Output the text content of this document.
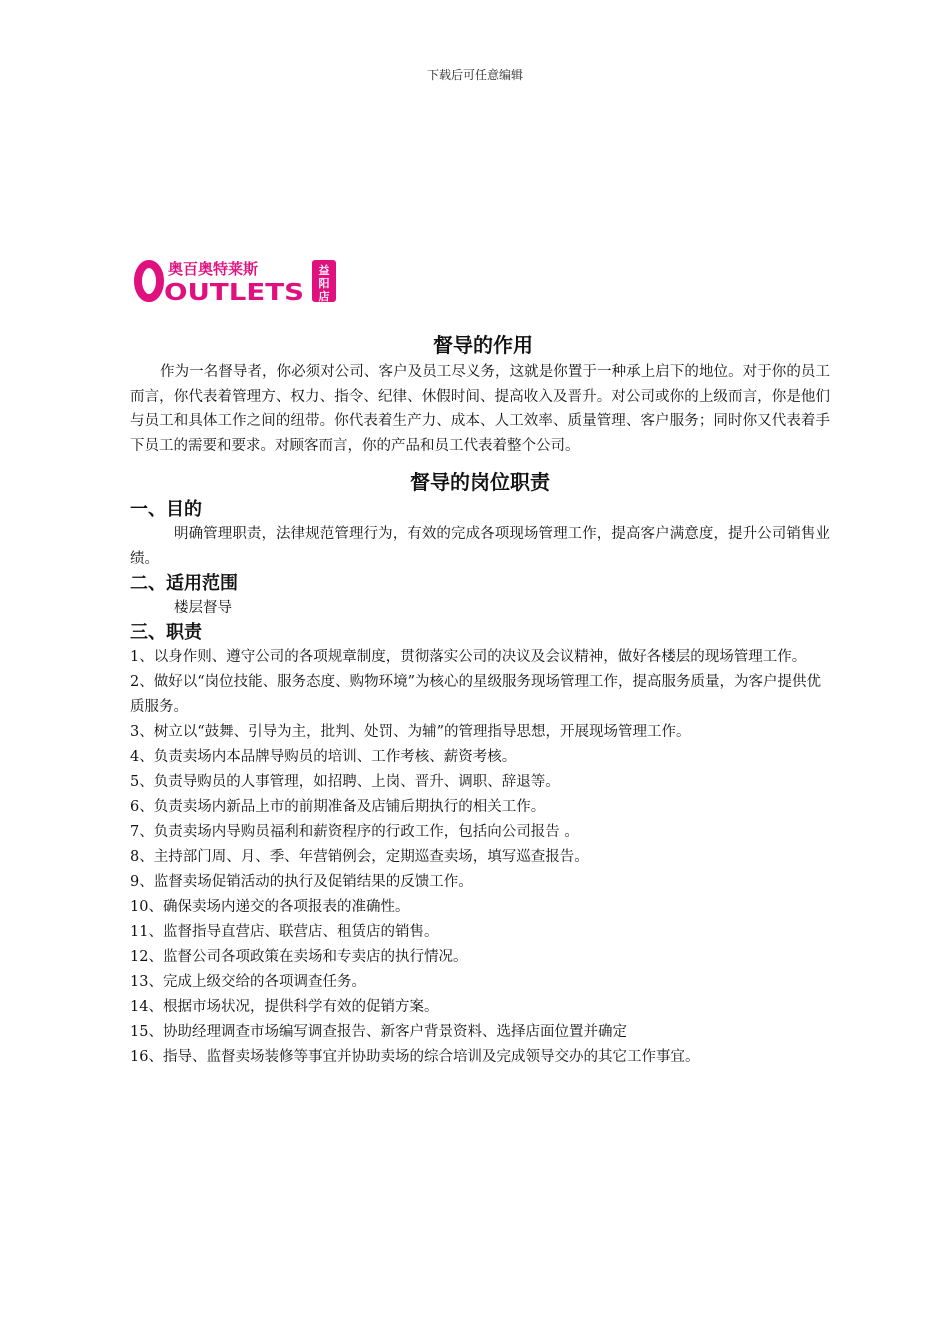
下载后可任意编辑
奥百奥特莱斯
OUTLETS
益
阳
店
督导的作用

作为一名督导者，你必须对公司、客户及员工尽义务，这就是你置于一种承上启下的地位。对于你的员工而言，你代表着管理方、权力、指令、纪律、休假时间、提高收入及晋升。对公司或你的上级而言，你是他们与员工和具体工作之间的纽带。你代表着生产力、成本、人工效率、质量管理、客户服务；同时你又代表着手下员工的需要和要求。对顾客而言，你的产品和员工代表着整个公司。

督导的岗位职责
一、目的

明确管理职责，法律规范管理行为，有效的完成各项现场管理工作，提高客户满意度，提升公司销售业绩。

二、适用范围

楼层督导

三、职责

1、以身作则、遵守公司的各项规章制度，贯彻落实公司的决议及会议精神，做好各楼层的现场管理工作。

2、做好以“岗位技能、服务态度、购物环境”为核心的星级服务现场管理工作，提高服务质量，为客户提供优质服务。

3、树立以“鼓舞、引导为主，批判、处罚、为辅”的管理指导思想，开展现场管理工作。

4、负责卖场内本品牌导购员的培训、工作考核、薪资考核。

5、负责导购员的人事管理，如招聘、上岗、晋升、调职、辞退等。

6、负责卖场内新品上市的前期准备及店铺后期执行的相关工作。

7、负责卖场内导购员福利和薪资程序的行政工作，包括向公司报告 。

8、主持部门周、月、季、年营销例会，定期巡查卖场，填写巡查报告。

9、监督卖场促销活动的执行及促销结果的反馈工作。

10、确保卖场内递交的各项报表的准确性。

11、监督指导直营店、联营店、租赁店的销售。

12、监督公司各项政策在卖场和专卖店的执行情况。

13、完成上级交给的各项调查任务。

14、根据市场状况，提供科学有效的促销方案。

15、协助经理调查市场编写调查报告、新客户背景资料、选择店面位置并确定

16、指导、监督卖场装修等事宜并协助卖场的综合培训及完成领导交办的其它工作事宜。
